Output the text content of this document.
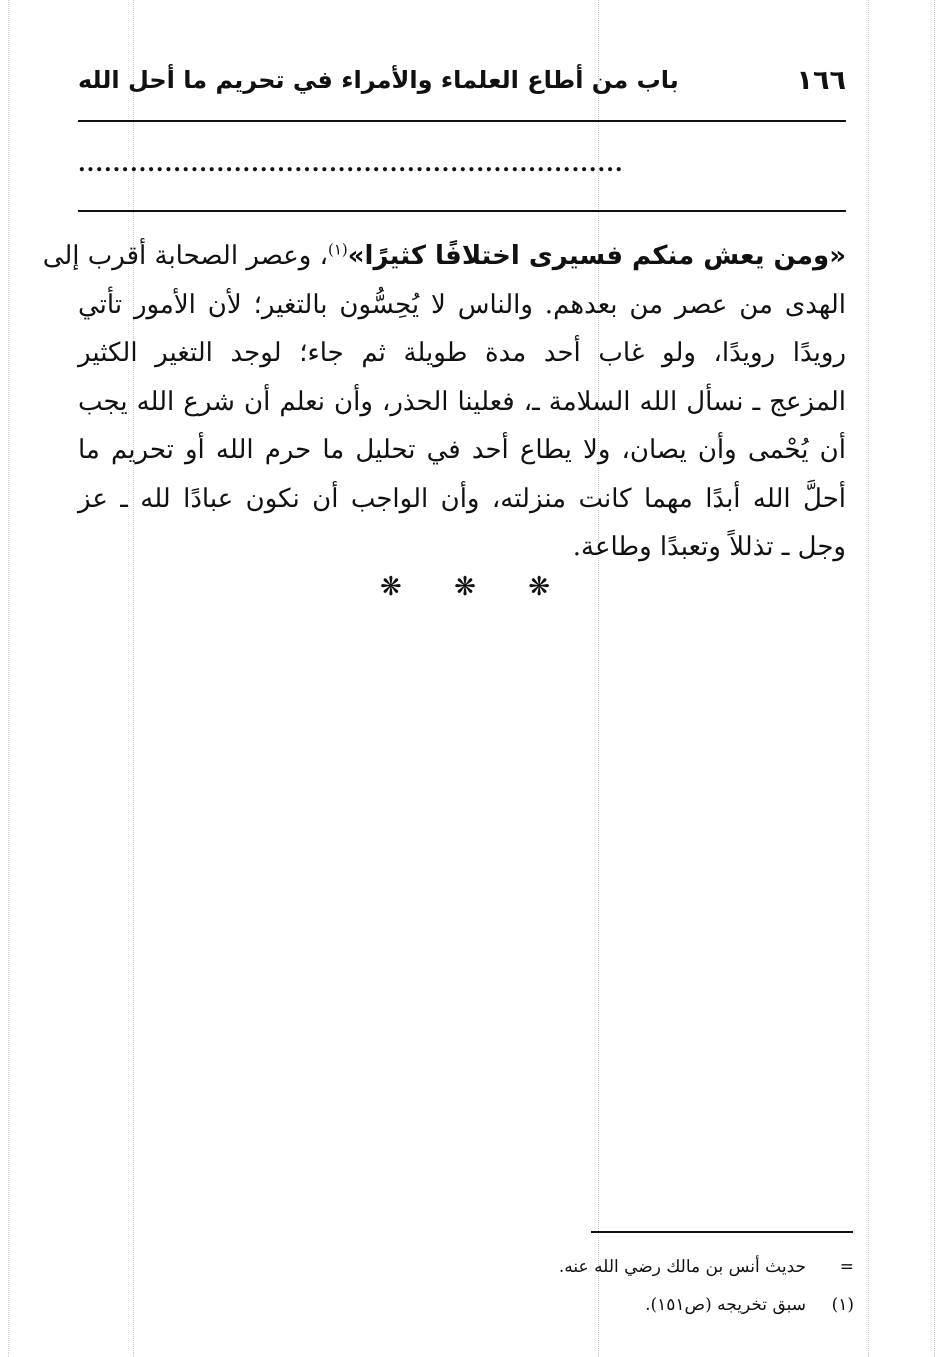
١٦٦
باب من أطاع العلماء والأمراء في تحريم ما أحل الله
...............................................................
«ومن يعش منكم فسيرى اختلافًا كثيرًا»$^{(١)}$، وعصر الصحابة أقرب إلى
الهدى من عصر من بعدهم. والناس لا يُحِسُّون بالتغير؛ لأن الأمور تأتي
رويدًا رويدًا، ولو غاب أحد مدة طويلة ثم جاء؛ لوجد التغير الكثير
المزعج ـ نسأل الله السلامة ـ، فعلينا الحذر، وأن نعلم أن شرع الله يجب
أن يُحْمى وأن يصان، ولا يطاع أحد في تحليل ما حرم الله أو تحريم ما
أحلَّ الله أبدًا مهما كانت منزلته، وأن الواجب أن نكون عبادًا لله ـ عز
وجل ـ تذللاً وتعبدًا وطاعة.
❋ ❋ ❋
=
حديث أنس بن مالك رضي الله عنه.
(١)
سبق تخريجه (ص١٥١).
